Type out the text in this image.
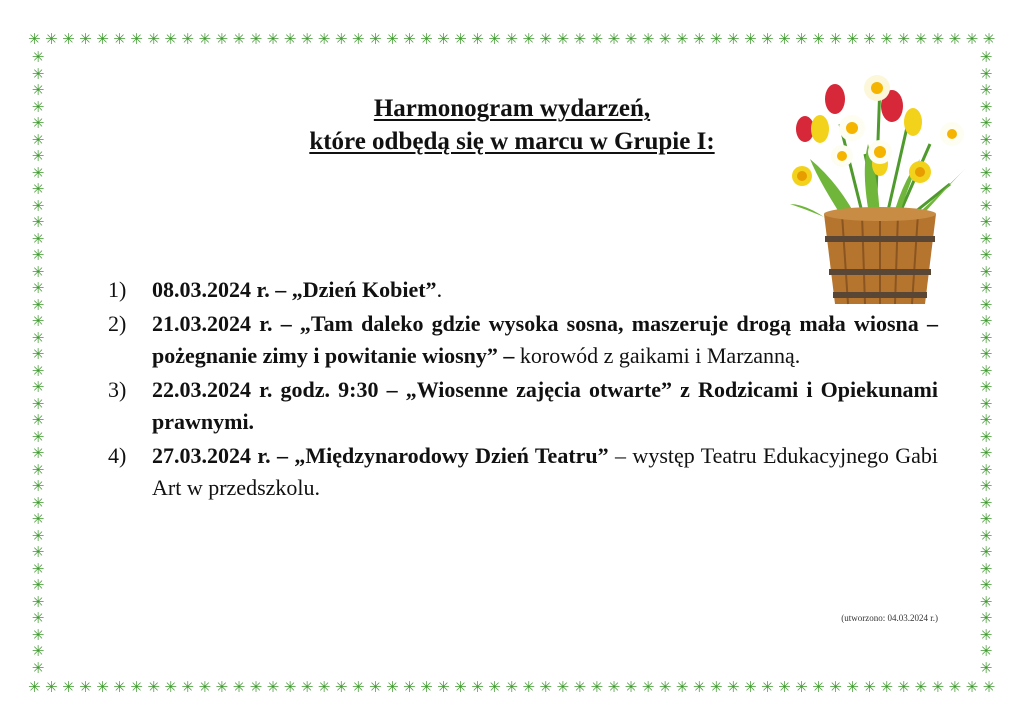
✳ ✳ ✳ ✳ ✳ ✳ ✳ ✳ ✳ ✳ ✳ ✳ ✳ ✳ ✳ ✳ ✳ ✳ ✳ ✳ ✳ ✳ ✳ ✳ ✳ ✳ ✳ ✳ ✳ ✳ ✳ ✳ ✳ ✳ ✳ ✳ ✳ ✳ ✳ ✳ ✳ ✳ ✳ ✳ ✳ ✳ ✳ ✳ ✳ ✳ ✳ ✳ ✳ ✳ ✳ ✳ ✳
✳ ✳ ✳ ✳ ✳ ✳ ✳ ✳ ✳ ✳ ✳ ✳ ✳ ✳ ✳ ✳ ✳ ✳ ✳ ✳ ✳ ✳ ✳ ✳ ✳ ✳ ✳ ✳ ✳ ✳ ✳ ✳ ✳ ✳ ✳ ✳ ✳ ✳ ✳ ✳ ✳ ✳ ✳ ✳ ✳ ✳ ✳ ✳ ✳ ✳ ✳ ✳ ✳ ✳ ✳ ✳ ✳
✳
✳
✳
✳
✳
✳
✳
✳
✳
✳
✳
✳
✳
✳
✳
✳
✳
✳
✳
✳
✳
✳
✳
✳
✳
✳
✳
✳
✳
✳
✳
✳
✳
✳
✳
✳
✳
✳
✳
✳
✳
✳
✳
✳
✳
✳
✳
✳
✳
✳
✳
✳
✳
✳
✳
✳
✳
✳
✳
✳
✳
✳
✳
✳
✳
✳
✳
✳
✳
✳
✳
✳
✳
✳
✳
✳
Harmonogram wydarzeń,
które odbędą się w marcu w Grupie I:
1) 08.03.2024 r. – „Dzień Kobiet”.
2) 21.03.2024 r. – „Tam daleko gdzie wysoka sosna, maszeruje drogą mała wiosna – pożegnanie zimy i powitanie wiosny” – korowód z gaikami i Marzanną.
3) 22.03.2024 r. godz. 9:30 – „Wiosenne zajęcia otwarte” z Rodzicami i Opiekunami prawnymi.
4) 27.03.2024 r. – „Międzynarodowy Dzień Teatru” – występ Teatru Edukacyjnego Gabi Art w przedszkolu.
(utworzono: 04.03.2024 r.)
